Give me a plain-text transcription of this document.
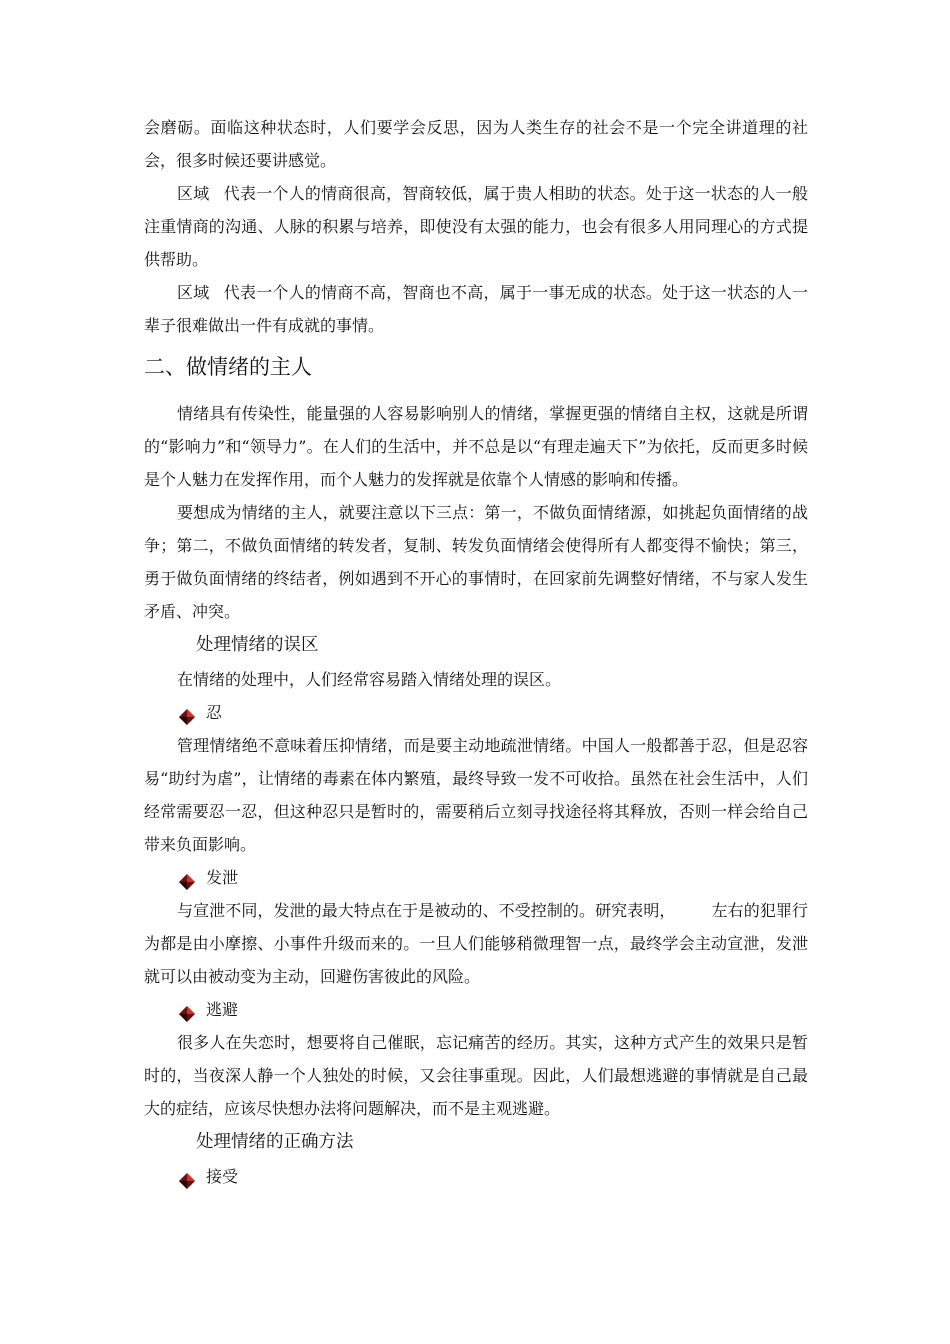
会磨砺。面临这种状态时，人们要学会反思，因为人类生存的社会不是一个完全讲道理的社会，很多时候还要讲感觉。

区域 代表一个人的情商很高，智商较低，属于贵人相助的状态。处于这一状态的人一般注重情商的沟通、人脉的积累与培养，即使没有太强的能力，也会有很多人用同理心的方式提供帮助。

区域 代表一个人的情商不高，智商也不高，属于一事无成的状态。处于这一状态的人一辈子很难做出一件有成就的事情。

二、做情绪的主人

情绪具有传染性，能量强的人容易影响别人的情绪，掌握更强的情绪自主权，这就是所谓的“影响力”和“领导力”。在人们的生活中，并不总是以“有理走遍天下”为依托，反而更多时候是个人魅力在发挥作用，而个人魅力的发挥就是依靠个人情感的影响和传播。

要想成为情绪的主人，就要注意以下三点：第一，不做负面情绪源，如挑起负面情绪的战争；第二，不做负面情绪的转发者，复制、转发负面情绪会使得所有人都变得不愉快；第三，勇于做负面情绪的终结者，例如遇到不开心的事情时，在回家前先调整好情绪，不与家人发生矛盾、冲突。

处理情绪的误区

在情绪的处理中，人们经常容易踏入情绪处理的误区。

忍

管理情绪绝不意味着压抑情绪，而是要主动地疏泄情绪。中国人一般都善于忍，但是忍容易“助纣为虐”，让情绪的毒素在体内繁殖，最终导致一发不可收拾。虽然在社会生活中，人们经常需要忍一忍，但这种忍只是暂时的，需要稍后立刻寻找途径将其释放，否则一样会给自己带来负面影响。

发泄

与宣泄不同，发泄的最大特点在于是被动的、不受控制的。研究表明， 左右的犯罪行为都是由小摩擦、小事件升级而来的。一旦人们能够稍微理智一点，最终学会主动宣泄，发泄就可以由被动变为主动，回避伤害彼此的风险。

逃避

很多人在失恋时，想要将自己催眠，忘记痛苦的经历。其实，这种方式产生的效果只是暂时的，当夜深人静一个人独处的时候，又会往事重现。因此，人们最想逃避的事情就是自己最大的症结，应该尽快想办法将问题解决，而不是主观逃避。

处理情绪的正确方法
接受
